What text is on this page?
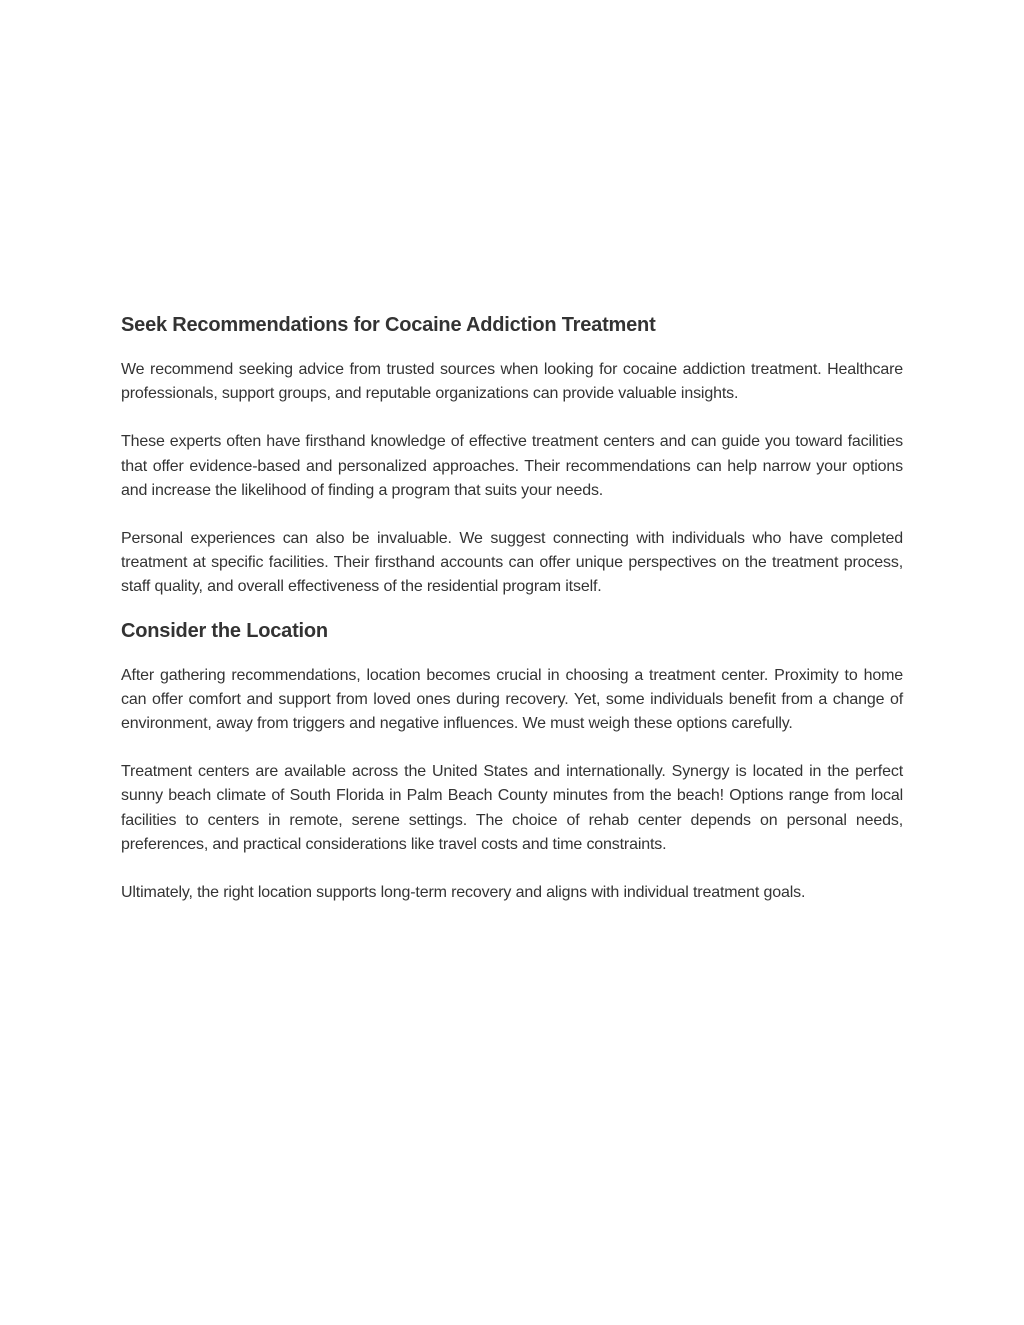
Seek Recommendations for Cocaine Addiction Treatment

We recommend seeking advice from trusted sources when looking for cocaine addiction treatment. Healthcare professionals, support groups, and reputable organizations can provide valuable insights.

These experts often have firsthand knowledge of effective treatment centers and can guide you toward facilities that offer evidence-based and personalized approaches. Their recommendations can help narrow your options and increase the likelihood of finding a program that suits your needs.

Personal experiences can also be invaluable. We suggest connecting with individuals who have completed treatment at specific facilities. Their firsthand accounts can offer unique perspectives on the treatment process, staff quality, and overall effectiveness of the residential program itself.

Consider the Location

After gathering recommendations, location becomes crucial in choosing a treatment center. Proximity to home can offer comfort and support from loved ones during recovery. Yet, some individuals benefit from a change of environment, away from triggers and negative influences. We must weigh these options carefully.

Treatment centers are available across the United States and internationally. Synergy is located in the perfect sunny beach climate of South Florida in Palm Beach County minutes from the beach! Options range from local facilities to centers in remote, serene settings. The choice of rehab center depends on personal needs, preferences, and practical considerations like travel costs and time constraints.

Ultimately, the right location supports long-term recovery and aligns with individual treatment goals.
